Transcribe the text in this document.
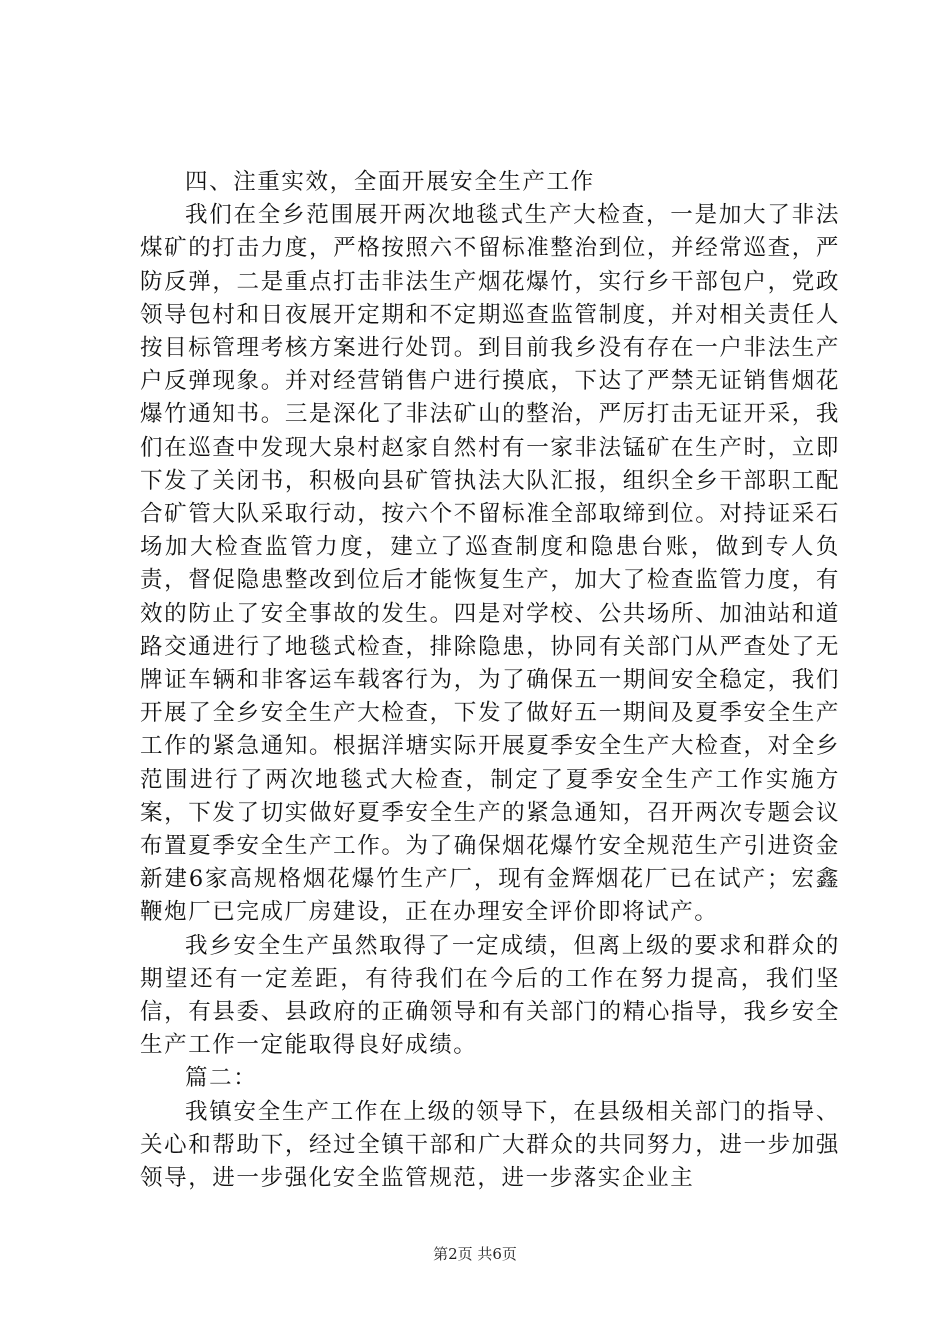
四、注重实效，全面开展安全生产工作

我们在全乡范围展开两次地毯式生产大检查，一是加大了非法煤矿的打击力度，严格按照六不留标准整治到位，并经常巡查，严防反弹，二是重点打击非法生产烟花爆竹，实行乡干部包户，党政领导包村和日夜展开定期和不定期巡查监管制度，并对相关责任人按目标管理考核方案进行处罚。到目前我乡没有存在一户非法生产户反弹现象。并对经营销售户进行摸底，下达了严禁无证销售烟花爆竹通知书。三是深化了非法矿山的整治，严厉打击无证开采，我们在巡查中发现大泉村赵家自然村有一家非法锰矿在生产时，立即下发了关闭书，积极向县矿管执法大队汇报，组织全乡干部职工配合矿管大队采取行动，按六个不留标准全部取缔到位。对持证采石场加大检查监管力度，建立了巡查制度和隐患台账，做到专人负责，督促隐患整改到位后才能恢复生产，加大了检查监管力度，有效的防止了安全事故的发生。四是对学校、公共场所、加油站和道路交通进行了地毯式检查，排除隐患，协同有关部门从严查处了无牌证车辆和非客运车载客行为，为了确保五一期间安全稳定，我们开展了全乡安全生产大检查，下发了做好五一期间及夏季安全生产工作的紧急通知。根据洋塘实际开展夏季安全生产大检查，对全乡范围进行了两次地毯式大检查，制定了夏季安全生产工作实施方案，下发了切实做好夏季安全生产的紧急通知，召开两次专题会议布置夏季安全生产工作。为了确保烟花爆竹安全规范生产引进资金新建6家高规格烟花爆竹生产厂，现有金辉烟花厂已在试产；宏鑫鞭炮厂已完成厂房建设，正在办理安全评价即将试产。

我乡安全生产虽然取得了一定成绩，但离上级的要求和群众的期望还有一定差距，有待我们在今后的工作在努力提高，我们坚信，有县委、县政府的正确领导和有关部门的精心指导，我乡安全生产工作一定能取得良好成绩。

篇二：

我镇安全生产工作在上级的领导下，在县级相关部门的指导、关心和帮助下，经过全镇干部和广大群众的共同努力，进一步加强领导，进一步强化安全监管规范，进一步落实企业主

第2页 共6页
